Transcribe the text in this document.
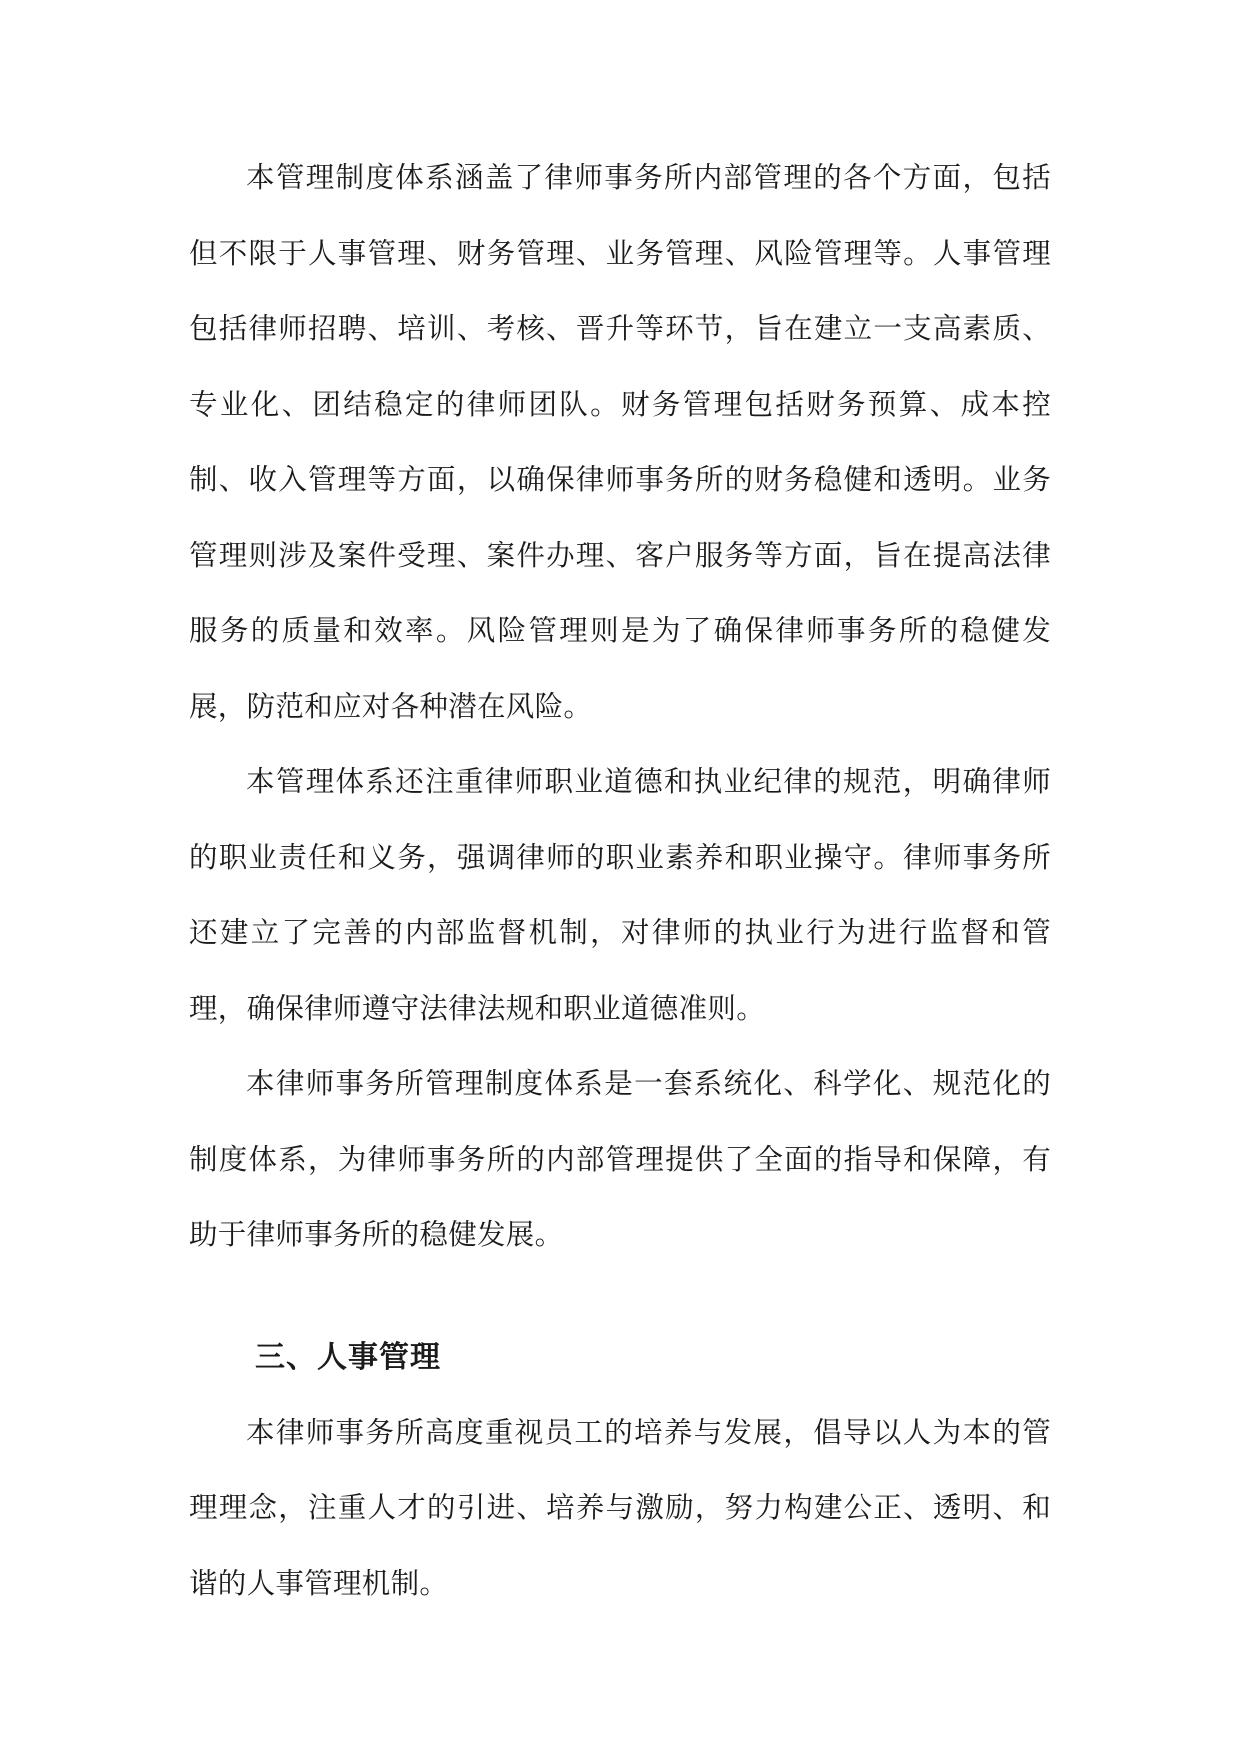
本管理制度体系涵盖了律师事务所内部管理的各个方面，包括但不限于人事管理、财务管理、业务管理、风险管理等。人事管理包括律师招聘、培训、考核、晋升等环节，旨在建立一支高素质、专业化、团结稳定的律师团队。财务管理包括财务预算、成本控制、收入管理等方面，以确保律师事务所的财务稳健和透明。业务管理则涉及案件受理、案件办理、客户服务等方面，旨在提高法律服务的质量和效率。风险管理则是为了确保律师事务所的稳健发展，防范和应对各种潜在风险。

本管理体系还注重律师职业道德和执业纪律的规范，明确律师的职业责任和义务，强调律师的职业素养和职业操守。律师事务所还建立了完善的内部监督机制，对律师的执业行为进行监督和管理，确保律师遵守法律法规和职业道德准则。

本律师事务所管理制度体系是一套系统化、科学化、规范化的制度体系，为律师事务所的内部管理提供了全面的指导和保障，有助于律师事务所的稳健发展。

三、人事管理

本律师事务所高度重视员工的培养与发展，倡导以人为本的管理理念，注重人才的引进、培养与激励，努力构建公正、透明、和谐的人事管理机制。
